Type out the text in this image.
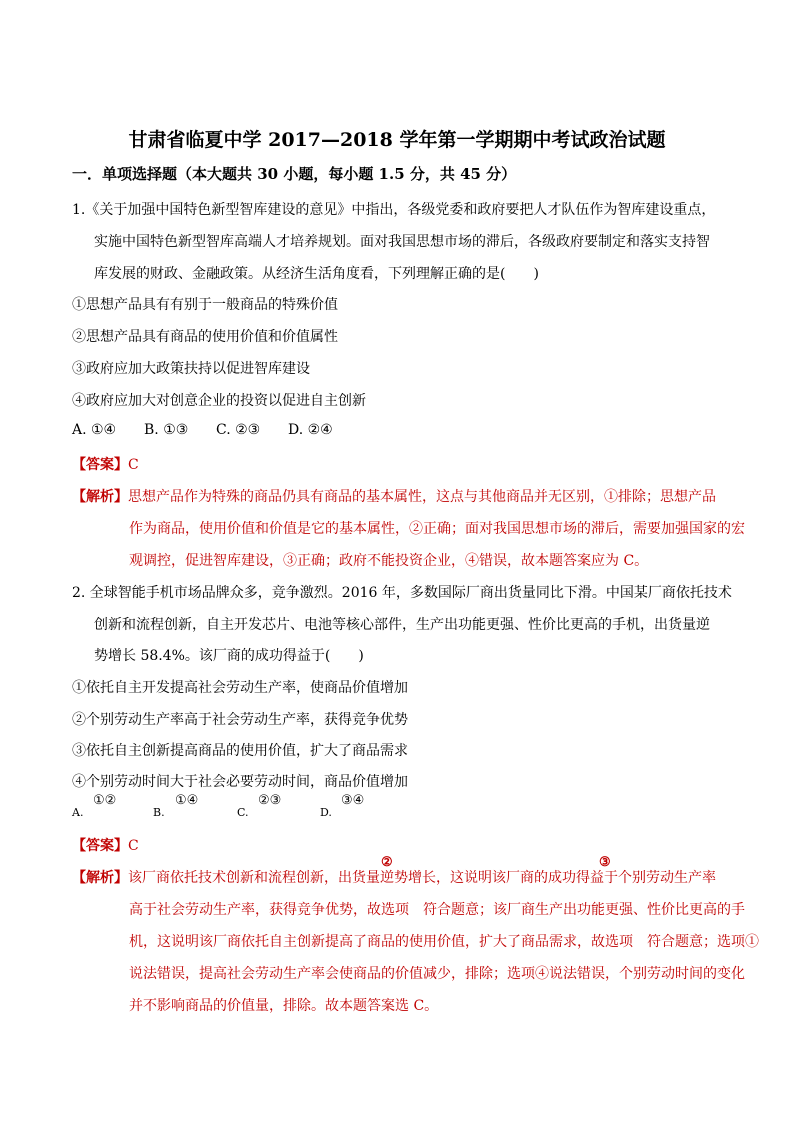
甘肃省临夏中学 2017—2018 学年第一学期期中考试政治试题
一．单项选择题（本大题共 30 小题，每小题 1.5 分，共 45 分）
1.《关于加强中国特色新型智库建设的意见》中指出，各级党委和政府要把人才队伍作为智库建设重点，
实施中国特色新型智库高端人才培养规划。面对我国思想市场的滞后，各级政府要制定和落实支持智
库发展的财政、金融政策。从经济生活角度看，下列理解正确的是(　　)
①思想产品具有有别于一般商品的特殊价值
②思想产品具有商品的使用价值和价值属性
③政府应加大政策扶持以促进智库建设
④政府应加大对创意企业的投资以促进自主创新
A. ①④ B. ①③ C. ②③ D. ②④
【答案】C
【解析】思想产品作为特殊的商品仍具有商品的基本属性，这点与其他商品并无区别，①排除；思想产品
作为商品，使用价值和价值是它的基本属性，②正确；面对我国思想市场的滞后，需要加强国家的宏
观调控，促进智库建设，③正确；政府不能投资企业，④错误，故本题答案应为 C。
2. 全球智能手机市场品牌众多，竞争激烈。2016 年，多数国际厂商出货量同比下滑。中国某厂商依托技术
创新和流程创新，自主开发芯片、电池等核心部件，生产出功能更强、性价比更高的手机，出货量逆
势增长 58.4%。该厂商的成功得益于(　　)
①依托自主开发提高社会劳动生产率，使商品价值增加
②个别劳动生产率高于社会劳动生产率，获得竞争优势
③依托自主创新提高商品的使用价值，扩大了商品需求
④个别劳动时间大于社会必要劳动时间，商品价值增加
A.
①②
B.
①④
C.
②③
D.
③④
【答案】C
②	③
【解析】该厂商依托技术创新和流程创新，出货量逆势增长，这说明该厂商的成功得益于个别劳动生产率
高于社会劳动生产率，获得竞争优势，故选项　符合题意；该厂商生产出功能更强、性价比更高的手
机，这说明该厂商依托自主创新提高了商品的使用价值，扩大了商品需求，故选项　符合题意；选项①
说法错误，提高社会劳动生产率会使商品的价值减少，排除；选项④说法错误，个别劳动时间的变化
并不影响商品的价值量，排除。故本题答案选 C。
